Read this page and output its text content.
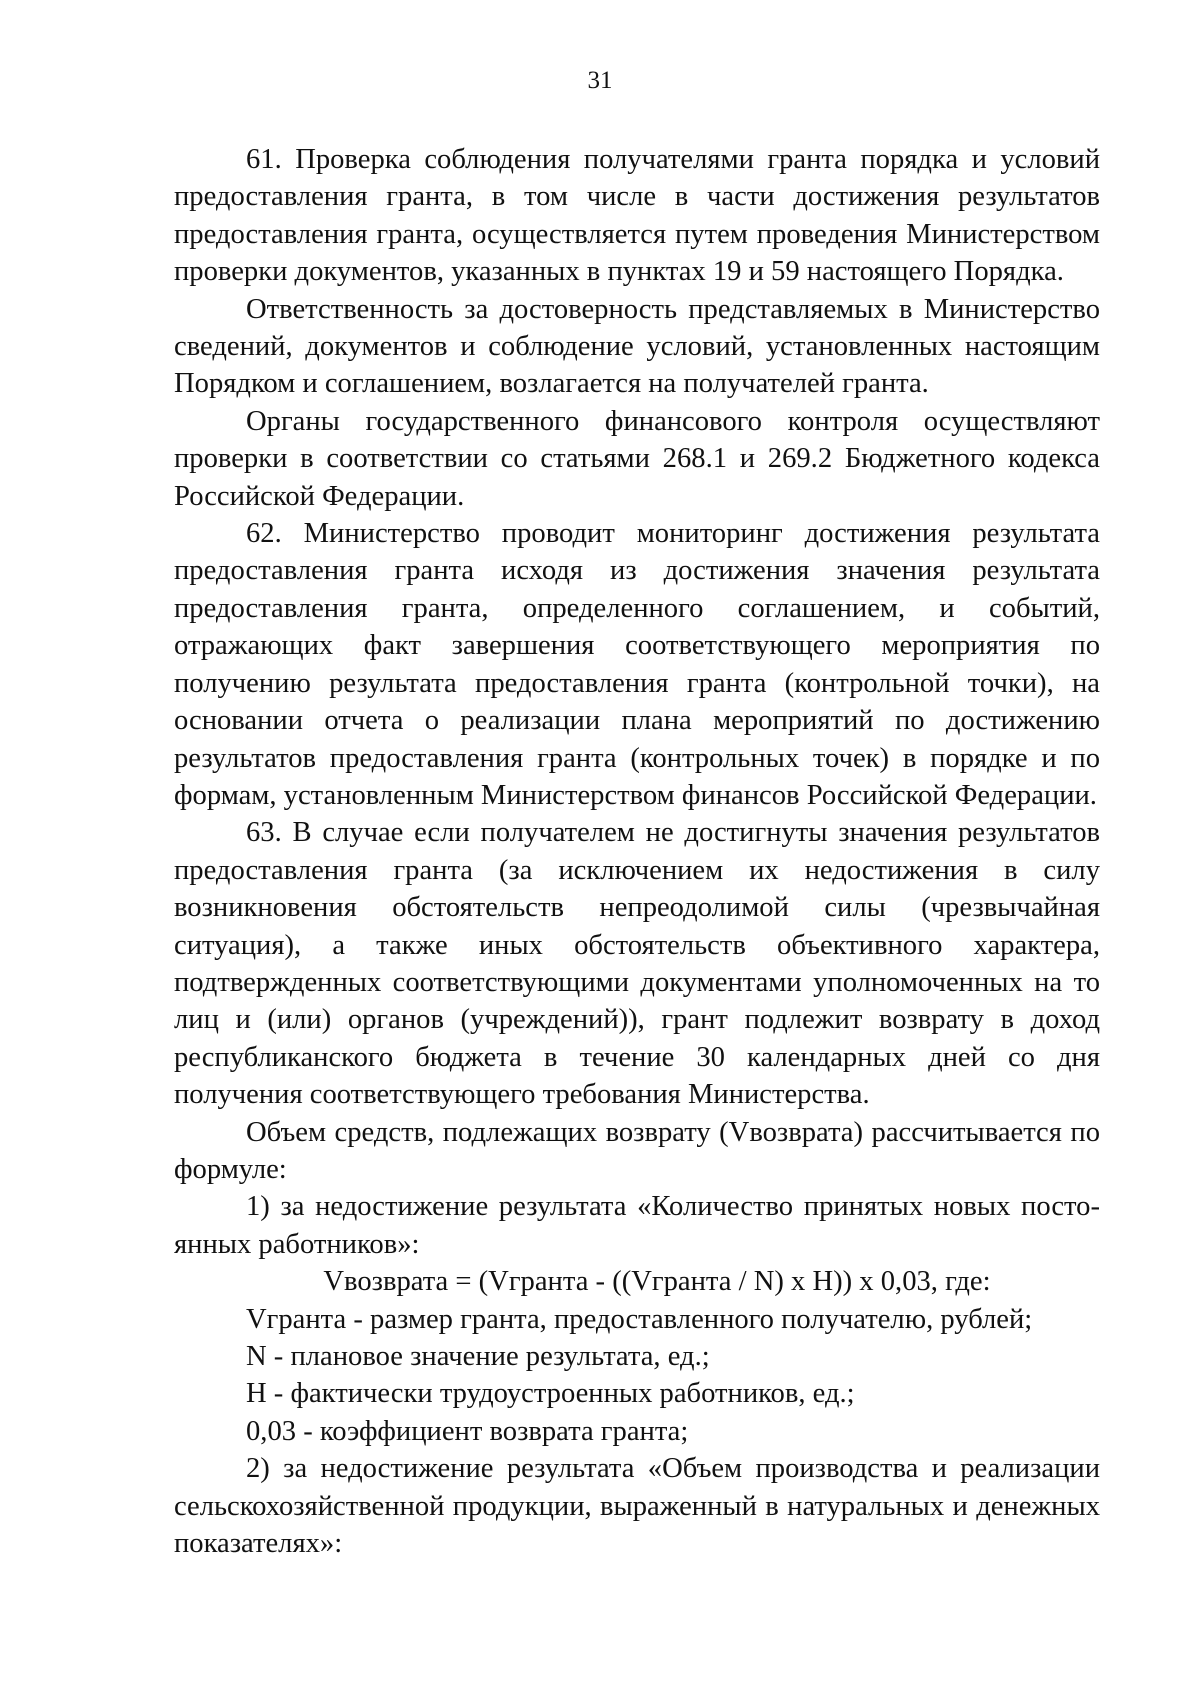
31

61. Проверка соблюдения получателями гранта порядка и условий предоставления гранта, в том числе в части достижения результатов предоставления гранта, осуществляется путем проведения Министерством проверки документов, указанных в пунктах 19 и 59 настоящего Порядка.

Ответственность за достоверность представляемых в Министерство сведений, документов и соблюдение условий, установленных настоящим Порядком и соглашением, возлагается на получателей гранта.

Органы государственного финансового контроля осуществляют проверки в соответствии со статьями 268.1 и 269.2 Бюджетного кодекса Российской Федерации.

62. Министерство проводит мониторинг достижения результата предоставления гранта исходя из достижения значения результата предоставления гранта, определенного соглашением, и событий, отражающих факт завершения соответствующего мероприятия по получению результата предоставления гранта (контрольной точки), на основании отчета о реализации плана мероприятий по достижению результатов предоставления гранта (контрольных точек) в порядке и по формам, установленным Министерством финансов Российской Федерации.

63. В случае если получателем не достигнуты значения результатов предоставления гранта (за исключением их недостижения в силу возникновения обстоятельств непреодолимой силы (чрезвычайная ситуация), а также иных обстоятельств объективного характера, подтвержденных соответствующими документами уполномоченных на то лиц и (или) органов (учреждений)), грант подлежит возврату в доход республиканского бюджета в течение 30 календарных дней со дня получения соответствующего требования Министерства.

Объем средств, подлежащих возврату (Vвозврата) рассчитывается по формуле:

1) за недостижение результата «Количество принятых новых посто-янных работников»:

Vвозврата = (Vгранта - ((Vгранта / N) х Н)) х 0,03, где:

Vгранта - размер гранта, предоставленного получателю, рублей;

N - плановое значение результата, ед.;

Н - фактически трудоустроенных работников, ед.;

0,03 - коэффициент возврата гранта;

2) за недостижение результата «Объем производства и реализации сельскохозяйственной продукции, выраженный в натуральных и денежных показателях»:
